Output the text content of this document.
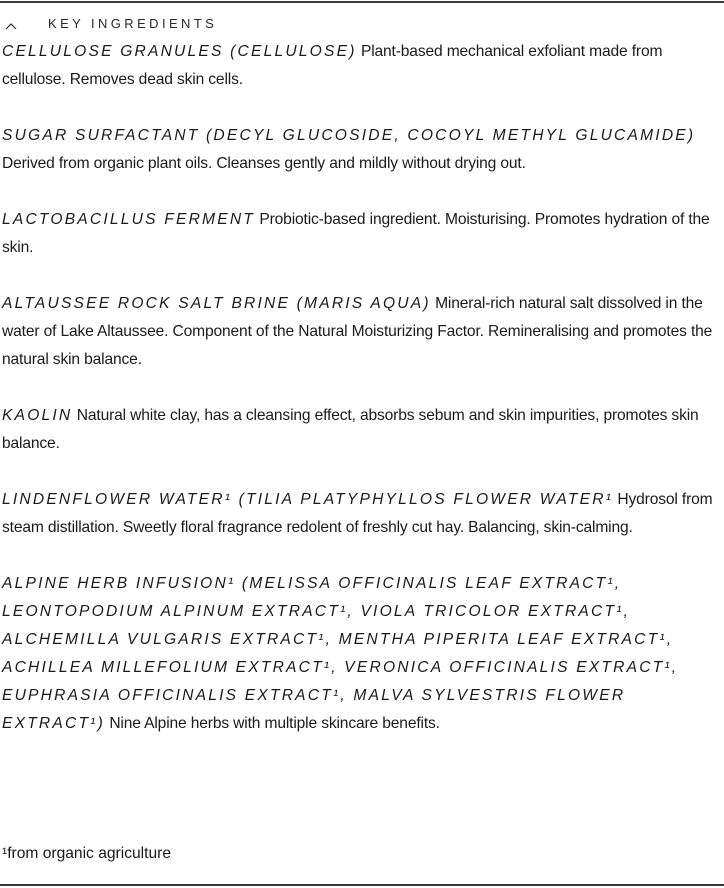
KEY INGREDIENTS
CELLULOSE GRANULES (CELLULOSE) Plant-based mechanical exfoliant made from cellulose. Removes dead skin cells.
SUGAR SURFACTANT (DECYL GLUCOSIDE, COCOYL METHYL GLUCAMIDE) Derived from organic plant oils. Cleanses gently and mildly without drying out.
LACTOBACILLUS FERMENT Probiotic-based ingredient. Moisturising. Promotes hydration of the skin.
ALTAUSSEE ROCK SALT BRINE (MARIS AQUA) Mineral-rich natural salt dissolved in the water of Lake Altaussee. Component of the Natural Moisturizing Factor. Remineralising and promotes the natural skin balance.
KAOLIN Natural white clay, has a cleansing effect, absorbs sebum and skin impurities, promotes skin balance.
LINDENFLOWER WATER¹ (TILIA PLATYPHYLLOS FLOWER WATER¹ Hydrosol from steam distillation. Sweetly floral fragrance redolent of freshly cut hay. Balancing, skin-calming.
ALPINE HERB INFUSION¹ (MELISSA OFFICINALIS LEAF EXTRACT¹, LEONTOPODIUM ALPINUM EXTRACT¹, VIOLA TRICOLOR EXTRACT¹, ALCHEMILLA VULGARIS EXTRACT¹, MENTHA PIPERITA LEAF EXTRACT¹, ACHILLEA MILLEFOLIUM EXTRACT¹, VERONICA OFFICINALIS EXTRACT¹, EUPHRASIA OFFICINALIS EXTRACT¹, MALVA SYLVESTRIS FLOWER EXTRACT¹) Nine Alpine herbs with multiple skincare benefits.
¹from organic agriculture
